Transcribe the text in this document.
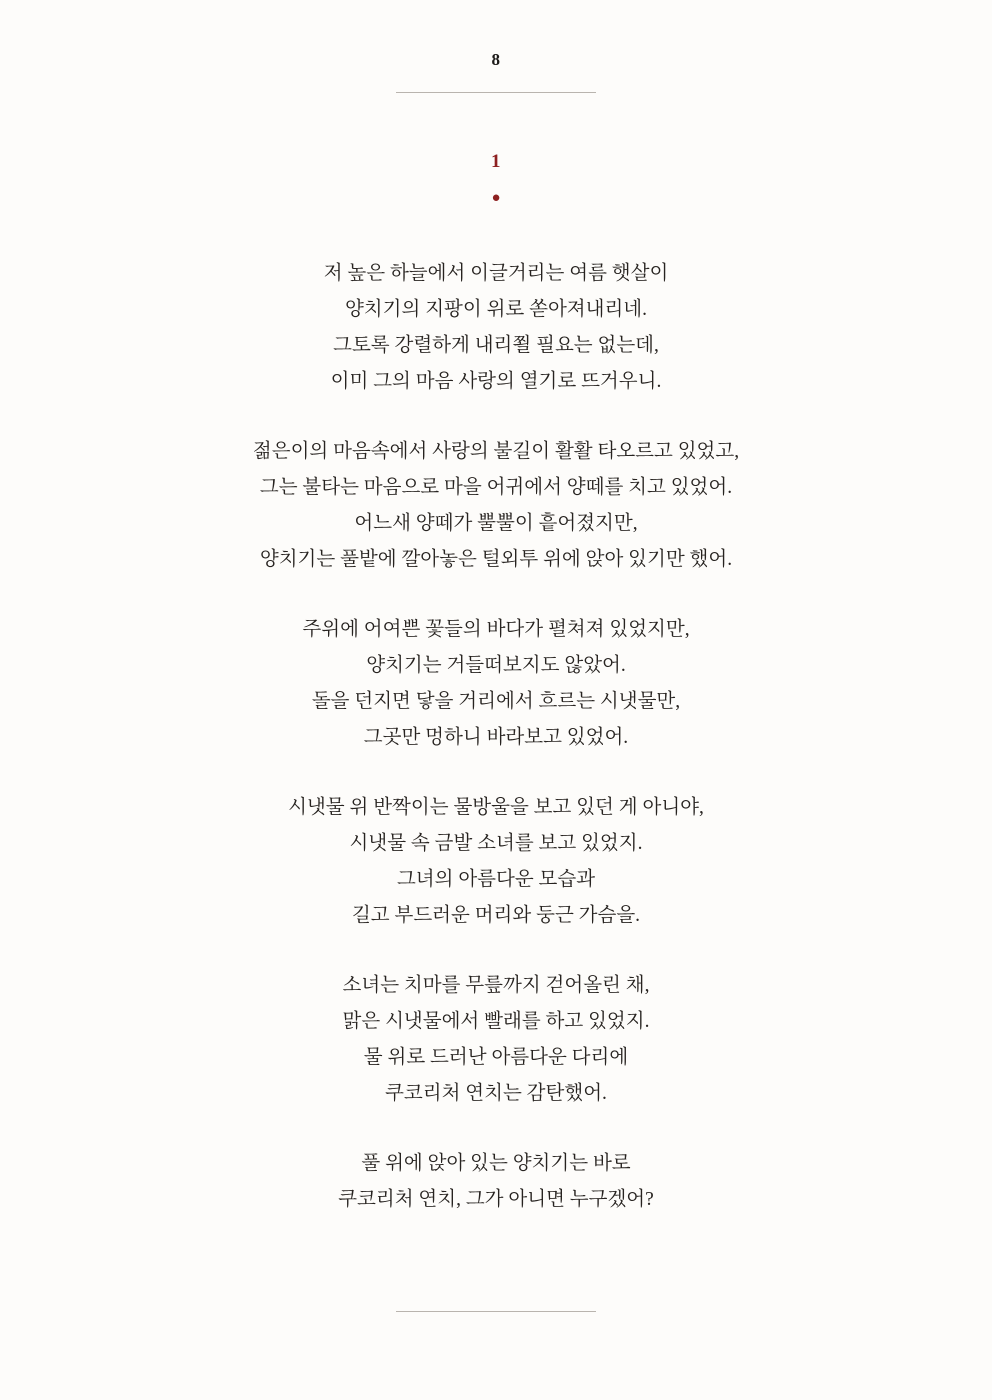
8
1
●
저 높은 하늘에서 이글거리는 여름 햇살이
양치기의 지팡이 위로 쏟아져내리네.
그토록 강렬하게 내리쬘 필요는 없는데,
이미 그의 마음 사랑의 열기로 뜨거우니.
젊은이의 마음속에서 사랑의 불길이 활활 타오르고 있었고,
그는 불타는 마음으로 마을 어귀에서 양떼를 치고 있었어.
어느새 양떼가 뿔뿔이 흩어졌지만,
양치기는 풀밭에 깔아놓은 털외투 위에 앉아 있기만 했어.
주위에 어여쁜 꽃들의 바다가 펼쳐져 있었지만,
양치기는 거들떠보지도 않았어.
돌을 던지면 닿을 거리에서 흐르는 시냇물만,
그곳만 멍하니 바라보고 있었어.
시냇물 위 반짝이는 물방울을 보고 있던 게 아니야,
시냇물 속 금발 소녀를 보고 있었지.
그녀의 아름다운 모습과
길고 부드러운 머리와 둥근 가슴을.
소녀는 치마를 무릎까지 걷어올린 채,
맑은 시냇물에서 빨래를 하고 있었지.
물 위로 드러난 아름다운 다리에
쿠코리처 연치는 감탄했어.
풀 위에 앉아 있는 양치기는 바로
쿠코리처 연치, 그가 아니면 누구겠어?
